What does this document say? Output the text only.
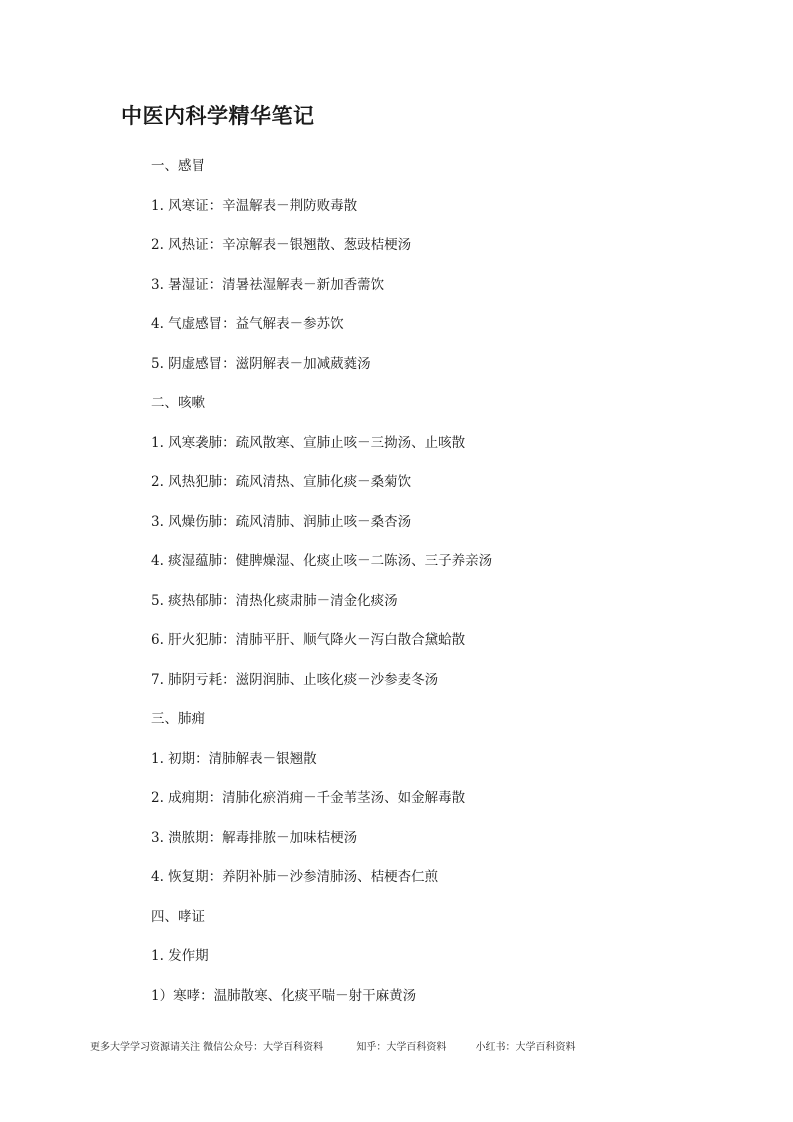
中医内科学精华笔记
一、感冒
1. 风寒证：辛温解表－荆防败毒散
2. 风热证：辛凉解表－银翘散、葱豉桔梗汤
3. 暑湿证：清暑祛湿解表－新加香薷饮
4. 气虚感冒：益气解表－参苏饮
5. 阴虚感冒：滋阴解表－加减葳蕤汤
二、咳嗽
1. 风寒袭肺：疏风散寒、宣肺止咳－三拗汤、止咳散
2. 风热犯肺：疏风清热、宣肺化痰－桑菊饮
3. 风燥伤肺：疏风清肺、润肺止咳－桑杏汤
4. 痰湿蕴肺：健脾燥湿、化痰止咳－二陈汤、三子养亲汤
5. 痰热郁肺：清热化痰肃肺－清金化痰汤
6. 肝火犯肺：清肺平肝、顺气降火－泻白散合黛蛤散
7. 肺阴亏耗：滋阴润肺、止咳化痰－沙参麦冬汤
三、肺痈
1. 初期：清肺解表－银翘散
2. 成痈期：清肺化瘀消痈－千金苇茎汤、如金解毒散
3. 溃脓期：解毒排脓－加味桔梗汤
4. 恢复期：养阴补肺－沙参清肺汤、桔梗杏仁煎
四、哮证
1. 发作期
1）寒哮：温肺散寒、化痰平喘－射干麻黄汤
更多大学学习资源请关注 微信公众号：大学百科资料	知乎：大学百科资料	小红书：大学百科资料
